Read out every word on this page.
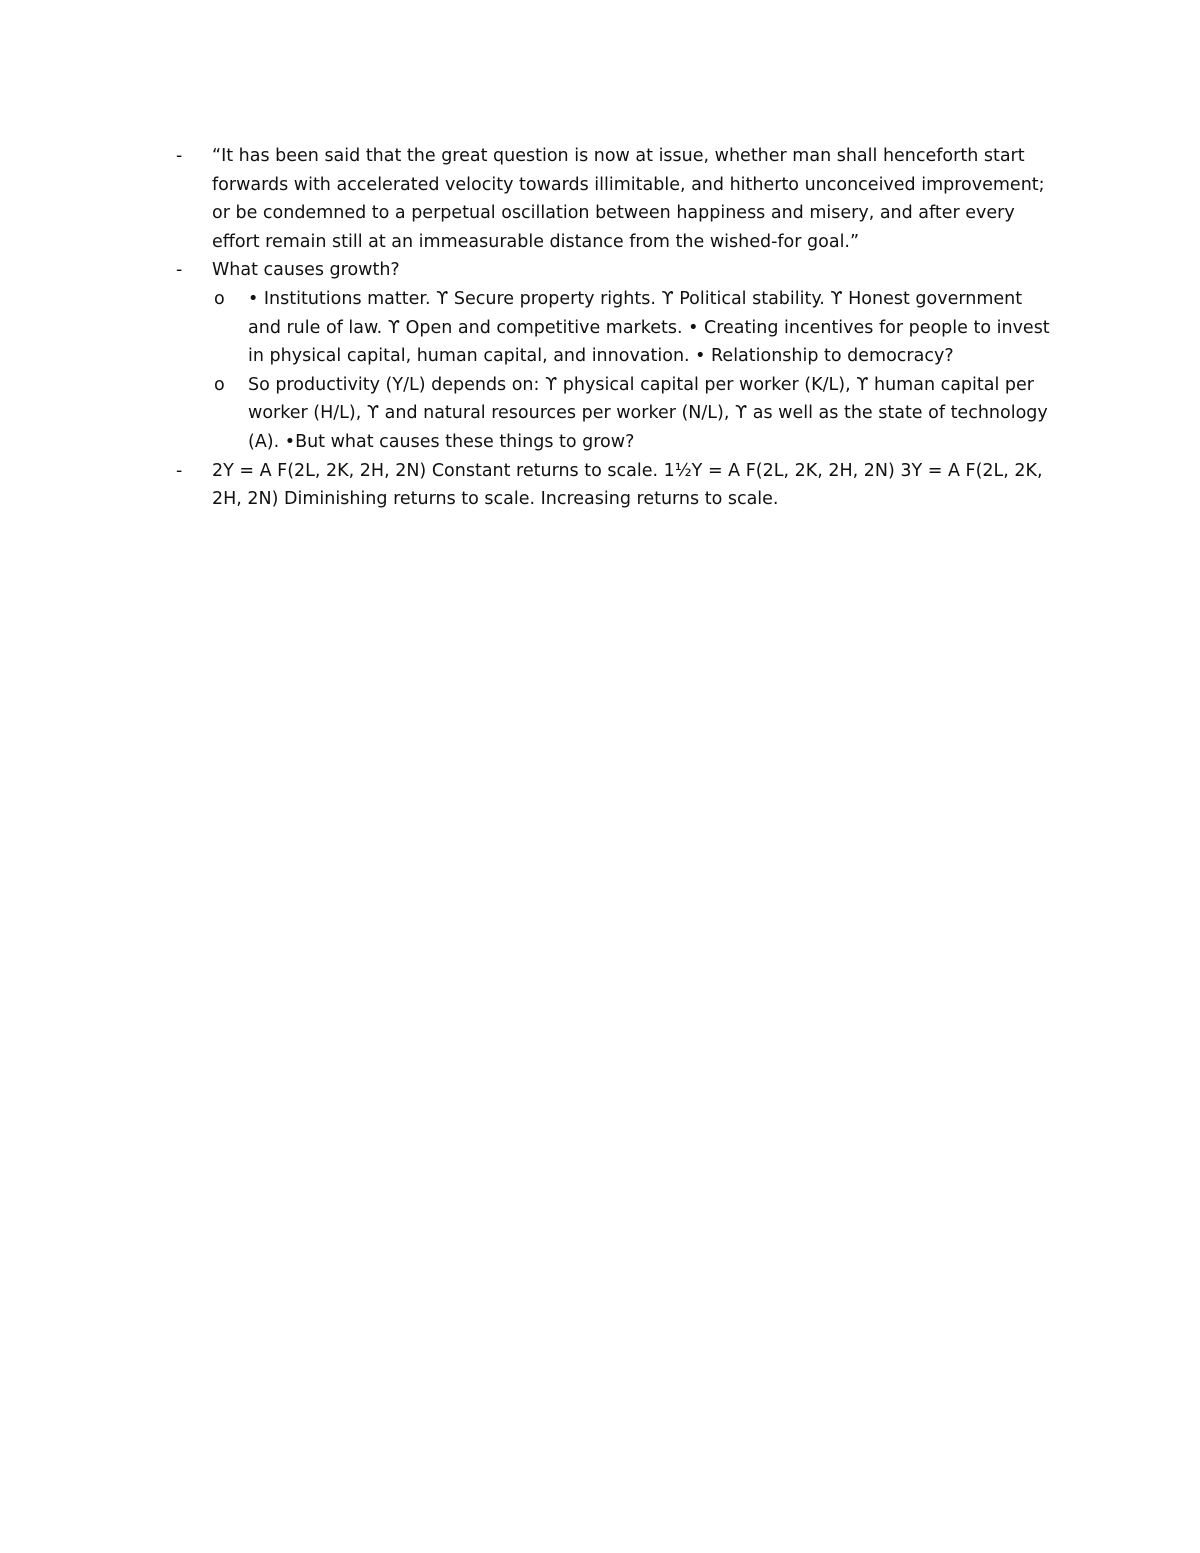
-	“It has been said that the great question is now at issue, whether man shall henceforth start forwards with accelerated velocity towards illimitable, and hitherto unconceived improvement; or be condemned to a perpetual oscillation between happiness and misery, and after every effort remain still at an immeasurable distance from the wished-for goal.”
-	What causes growth?
o	• Institutions matter. ϒ Secure property rights. ϒ Political stability. ϒ Honest government and rule of law. ϒ Open and competitive markets. • Creating incentives for people to invest in physical capital, human capital, and innovation. • Relationship to democracy?
o	So productivity (Y/L) depends on: ϒ physical capital per worker (K/L), ϒ human capital per worker (H/L), ϒ and natural resources per worker (N/L), ϒ as well as the state of technology (A). •But what causes these things to grow?
-	2Y = A F(2L, 2K, 2H, 2N) Constant returns to scale. 1½Y = A F(2L, 2K, 2H, 2N) 3Y = A F(2L, 2K, 2H, 2N) Diminishing returns to scale. Increasing returns to scale.
